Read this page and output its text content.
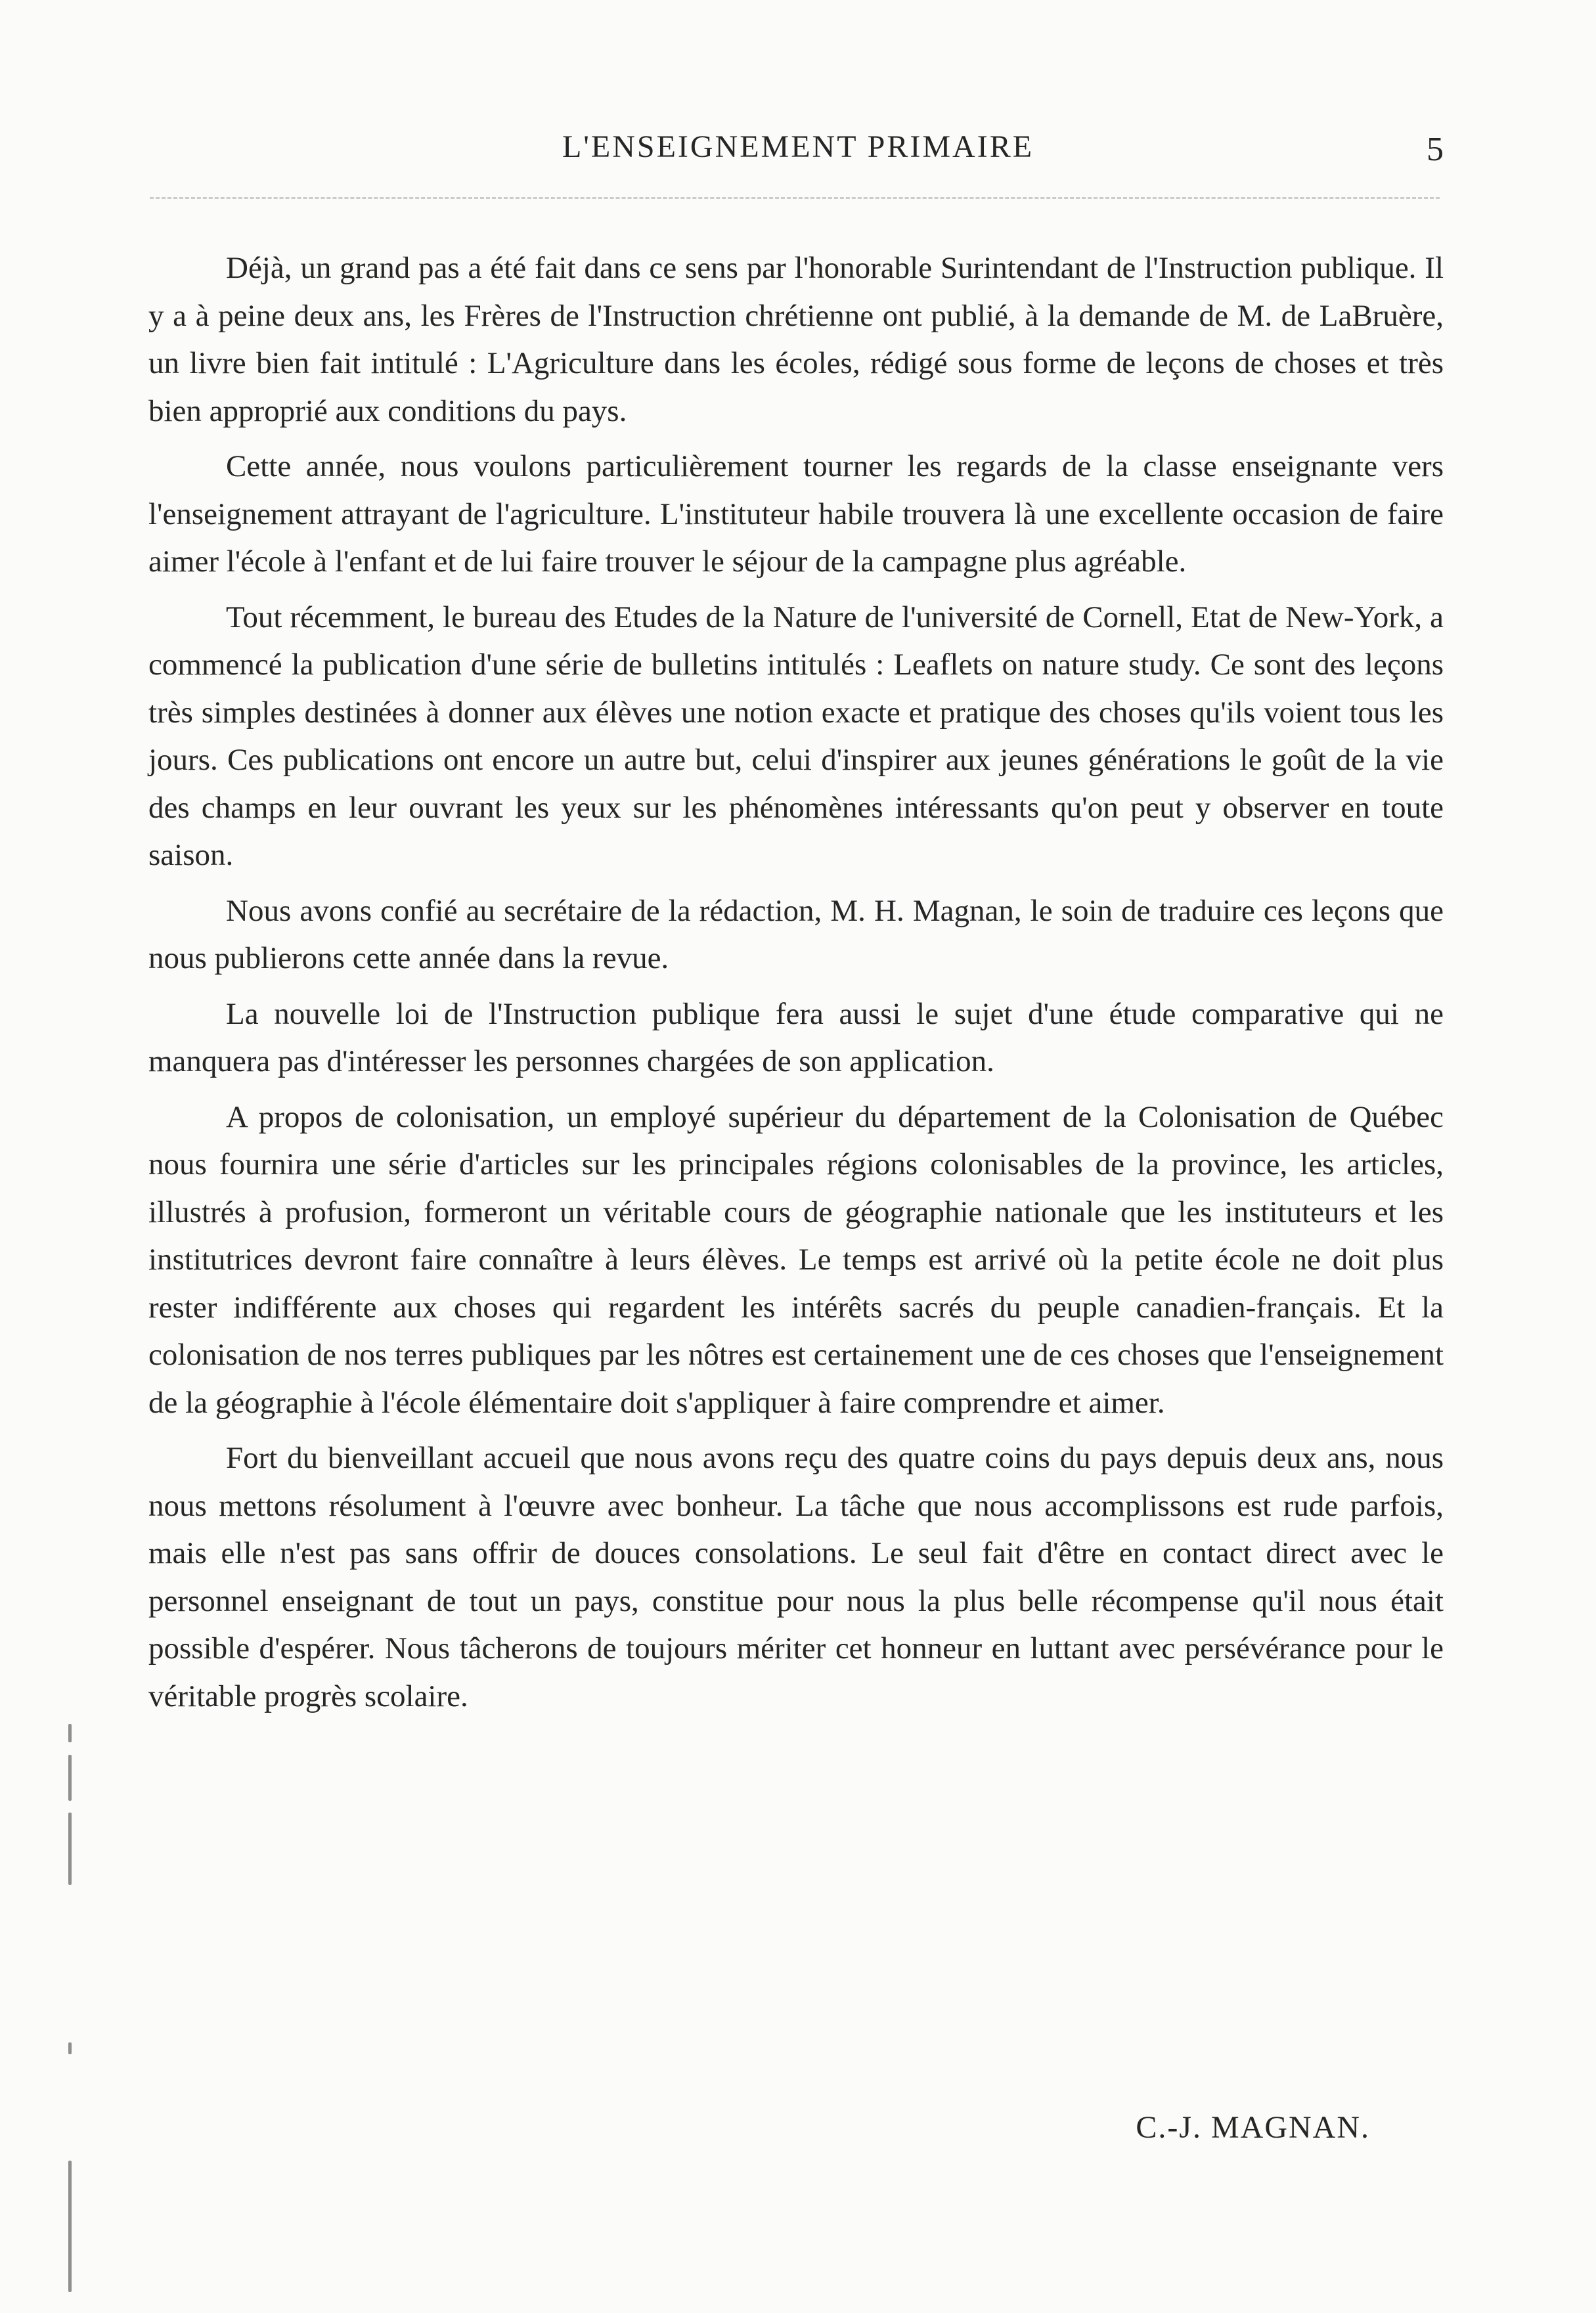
L'ENSEIGNEMENT PRIMAIRE	5

Déjà, un grand pas a été fait dans ce sens par l'honorable Surintendant de l'Instruction publique. Il y a à peine deux ans, les Frères de l'Instruction chrétienne ont publié, à la demande de M. de LaBruère, un livre bien fait intitulé : L'Agriculture dans les écoles, rédigé sous forme de leçons de choses et très bien approprié aux conditions du pays.

Cette année, nous voulons particulièrement tourner les regards de la classe enseignante vers l'enseignement attrayant de l'agriculture. L'instituteur habile trouvera là une excellente occasion de faire aimer l'école à l'enfant et de lui faire trouver le séjour de la campagne plus agréable.

Tout récemment, le bureau des Etudes de la Nature de l'université de Cornell, Etat de New-York, a commencé la publication d'une série de bulletins intitulés : Leaflets on nature study. Ce sont des leçons très simples destinées à donner aux élèves une notion exacte et pratique des choses qu'ils voient tous les jours. Ces publications ont encore un autre but, celui d'inspirer aux jeunes générations le goût de la vie des champs en leur ouvrant les yeux sur les phénomènes intéressants qu'on peut y observer en toute saison.

Nous avons confié au secrétaire de la rédaction, M. H. Magnan, le soin de traduire ces leçons que nous publierons cette année dans la revue.

La nouvelle loi de l'Instruction publique fera aussi le sujet d'une étude comparative qui ne manquera pas d'intéresser les personnes chargées de son application.

A propos de colonisation, un employé supérieur du département de la Colonisation de Québec nous fournira une série d'articles sur les principales régions colonisables de la province, les articles, illustrés à profusion, formeront un véritable cours de géographie nationale que les instituteurs et les institutrices devront faire connaître à leurs élèves. Le temps est arrivé où la petite école ne doit plus rester indifférente aux choses qui regardent les intérêts sacrés du peuple canadien-français. Et la colonisation de nos terres publiques par les nôtres est certainement une de ces choses que l'enseignement de la géographie à l'école élémentaire doit s'appliquer à faire comprendre et aimer.

Fort du bienveillant accueil que nous avons reçu des quatre coins du pays depuis deux ans, nous nous mettons résolument à l'œuvre avec bonheur. La tâche que nous accomplissons est rude parfois, mais elle n'est pas sans offrir de douces consolations. Le seul fait d'être en contact direct avec le personnel enseignant de tout un pays, constitue pour nous la plus belle récompense qu'il nous était possible d'espérer. Nous tâcherons de toujours mériter cet honneur en luttant avec persévérance pour le véritable progrès scolaire.

C.-J. MAGNAN.
